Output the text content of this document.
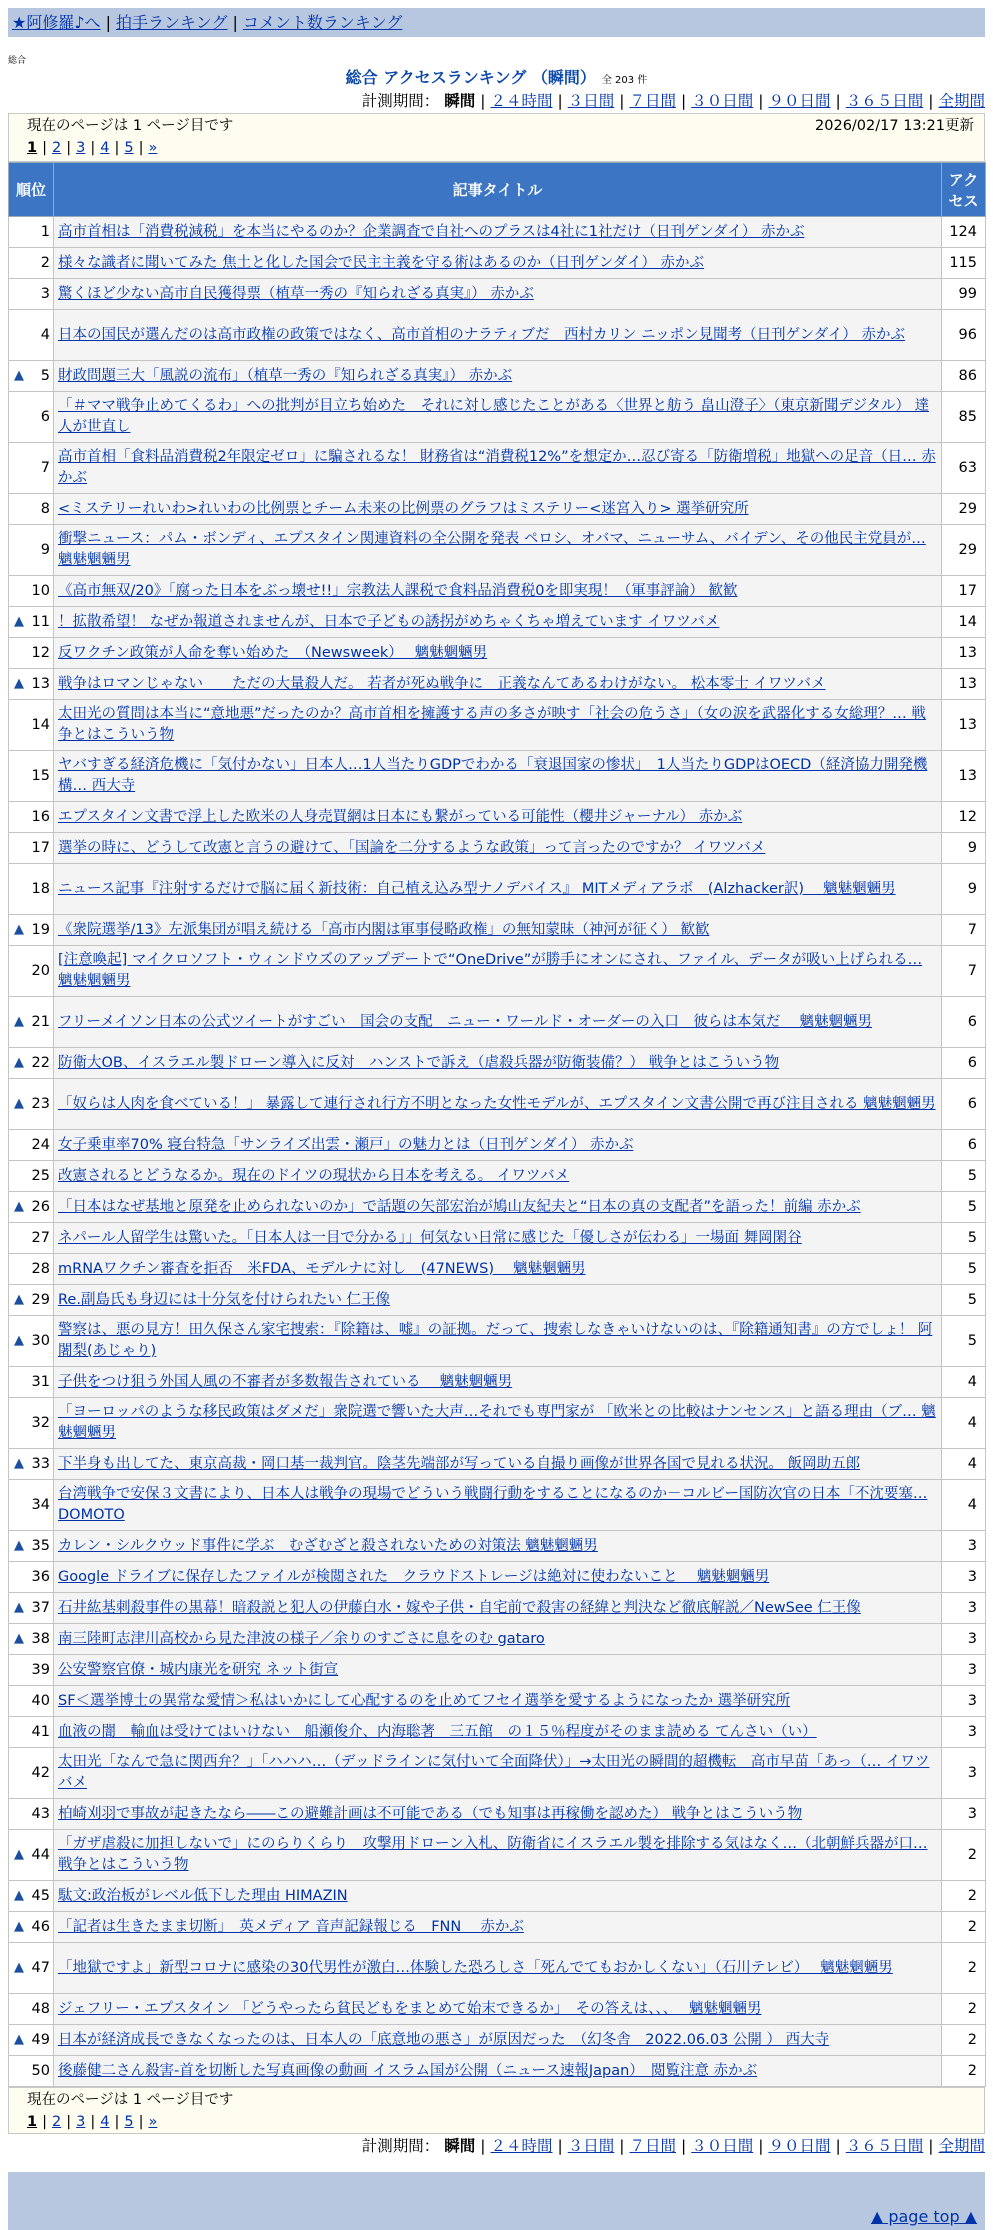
★阿修羅♪へ | 拍手ランキング | コメント数ランキング
総合
総合 アクセスランキング （瞬間） 全 203 件
計測期間： 瞬間 | ２４時間 | ３日間 | ７日間 | ３０日間 | ９０日間 | ３６５日間 | 全期間
現在のページは 1 ページ目です	2026/02/17 13:21更新
1 | 2 | 3 | 4 | 5 | »
順位	記事タイトル	アクセス
1	高市首相は「消費税減税」を本当にやるのか？企業調査で自社へのプラスは4社に1社だけ（日刊ゲンダイ） 赤かぶ	124
2	様々な識者に聞いてみた 焦土と化した国会で民主主義を守る術はあるのか（日刊ゲンダイ） 赤かぶ	115
3	驚くほど少ない高市自民獲得票（植草一秀の『知られざる真実』） 赤かぶ	99
4	日本の国民が選んだのは高市政権の政策ではなく、高市首相のナラティブだ　西村カリン ニッポン見聞考（日刊ゲンダイ） 赤かぶ	96

▲ 5	財政問題三大「風説の流布」（植草一秀の『知られざる真実』） 赤かぶ	86
6	「＃ママ戦争止めてくるわ」への批判が目立ち始めた　それに対し感じたことがある〈世界と舫う 畠山澄子〉（東京新聞デジタル） 達人が世直し	85
7	高市首相「食料品消費税2年限定ゼロ」に騙されるな！ 財務省は“消費税12%”を想定か…忍び寄る「防衛増税」地獄への足音（日… 赤かぶ	63
8	<ミステリーれいわ>れいわの比例票とチーム未来の比例票のグラフはミステリー<迷宮入り> 選挙研究所	29
9	衝撃ニュース：パム・ボンディ、エプスタイン関連資料の全公開を発表 ペロシ、オバマ、ニューサム、バイデン、その他民主党員が… 魑魅魍魎男	29
10	《高市無双/20》「腐った日本をぶっ壊せ!!」宗教法人課税で食料品消費税0を即実現！（軍事評論） 歓歓	17

▲ 11	！拡散希望！ なぜか報道されませんが、日本で子どもの誘拐がめちゃくちゃ増えています イワツバメ	14
12	反ワクチン政策が人命を奪い始めた　（Newsweek）　 魑魅魍魎男	13

▲ 13	戦争はロマンじゃない　　ただの大量殺人だ。 若者が死ぬ戦争に　正義なんてあるわけがない。 松本零士 イワツバメ	13
14	太田光の質問は本当に“意地悪”だったのか？高市首相を擁護する声の多さが映す「社会の危うさ」（女の涙を武器化する女総理？… 戦争とはこういう物	13
15	ヤバすぎる経済危機に「気付かない」日本人…1人当たりGDPでわかる「衰退国家の惨状」　1人当たりGDPはOECD（経済協力開発機構… 西大寺	13
16	エプスタイン文書で浮上した欧米の人身売買網は日本にも繋がっている可能性（櫻井ジャーナル） 赤かぶ	12
17	選挙の時に、どうして改憲と言うの避けて、「国論を二分するような政策」って言ったのですか？ イワツバメ	9
18	ニュース記事『注射するだけで脳に届く新技術：自己植え込み型ナノデバイス』 MITメディアラボ　(Alzhacker訳)　 魑魅魍魎男	9

▲ 19	《衆院選挙/13》左派集団が唱え続ける「高市内閣は軍事侵略政権」の無知蒙昧（神河が征く） 歓歓	7
20	[注意喚起] マイクロソフト・ウィンドウズのアップデートで“OneDrive”が勝手にオンにされ、ファイル、データが吸い上げられる… 魑魅魍魎男	7

▲ 21	フリーメイソン日本の公式ツイートがすごい　国会の支配　ニュー・ワールド・オーダーの入口　彼らは本気だ　 魑魅魍魎男	6

▲ 22	防衛大OB、イスラエル製ドローン導入に反対　ハンストで訴え（虐殺兵器が防衛装備？） 戦争とはこういう物	6

▲ 23	「奴らは人肉を食べている！」 暴露して連行され行方不明となった女性モデルが、エプスタイン文書公開で再び注目される 魑魅魍魎男	6
24	女子乗車率70% 寝台特急「サンライズ出雲・瀬戸」の魅力とは（日刊ゲンダイ） 赤かぶ	6
25	改憲されるとどうなるか。現在のドイツの現状から日本を考える。 イワツバメ	5

▲ 26	「日本はなぜ基地と原発を止められないのか」で話題の矢部宏治が鳩山友紀夫と“日本の真の支配者”を語った！前編 赤かぶ	5
27	ネパール人留学生は驚いた。「日本人は一目で分かる」」何気ない日常に感じた「優しさが伝わる」一場面 舞岡閑谷	5
28	mRNAワクチン審査を拒否　米FDA、モデルナに対し　(47NEWS)　 魑魅魍魎男	5

▲ 29	Re.副島氏も身辺には十分気を付けられたい 仁王像	5

▲ 30	警察は、悪の見方！田久保さん家宅捜索：『除籍は、嘘』の証拠。だって、捜索しなきゃいけないのは、『除籍通知書』の方でしょ！ 阿闍梨(あじゃり)	5
31	子供をつけ狙う外国人風の不審者が多数報告されている　 魑魅魍魎男	4
32	「ヨーロッパのような移民政策はダメだ」衆院選で響いた大声…それでも専門家が 「欧米との比較はナンセンス」と語る理由（ブ… 魑魅魍魎男	4

▲ 33	下半身も出してた、東京高裁・岡口基一裁判官。陰茎先端部が写っている自撮り画像が世界各国で見れる状況。 飯岡助五郎	4
34	台湾戦争で安保３文書により、日本人は戦争の現場でどういう戦闘行動をすることになるのか－コルビー国防次官の日本「不沈要塞… DOMOTO	4

▲ 35	カレン・シルクウッド事件に学ぶ　むざむざと殺されないための対策法 魑魅魍魎男	3
36	Google ドライブに保存したファイルが検閲された　クラウドストレージは絶対に使わないこと　 魑魅魍魎男	3

▲ 37	石井紘基刺殺事件の黒幕！暗殺説と犯人の伊藤白水・嫁や子供・自宅前で殺害の経緯と判決など徹底解説／NewSee 仁王像	3

▲ 38	南三陸町志津川高校から見た津波の様子／余りのすごさに息をのむ gataro	3
39	公安警察官僚・城内康光を研究 ネット街宣	3
40	SF＜選挙博士の異常な愛情＞私はいかにして心配するのを止めてフセイ選挙を愛するようになったか 選挙研究所	3
41	血液の闇　輸血は受けてはいけない　船瀬俊介、内海聡著　三五館　の１５％程度がそのまま読める てんさい（い）	3
42	太田光「なんで急に関西弁？」「ハハハ…（デッドラインに気付いて全面降伏）」→太田光の瞬間的超機転　高市早苗「あっ（… イワツバメ	3
43	柏崎刈羽で事故が起きたなら――この避難計画は不可能である（でも知事は再稼働を認めた） 戦争とはこういう物	3

▲ 44	「ガザ虐殺に加担しないで」にのらりくらり　攻撃用ドローン入札、防衛省にイスラエル製を排除する気はなく…（北朝鮮兵器が口… 戦争とはこういう物	2

▲ 45	駄文:政治板がレベル低下した理由 HIMAZIN	2

▲ 46	「記者は生きたまま切断」　英メディア 音声記録報じる　FNN　 赤かぶ	2

▲ 47	「地獄ですよ」新型コロナに感染の30代男性が激白…体験した恐ろしさ「死んでてもおかしくない」（石川テレビ）　 魑魅魍魎男	2
48	ジェフリー・エプスタイン 「どうやったら貧民どもをまとめて始末できるか」　その答えは、、、　 魑魅魍魎男	2

▲ 49	日本が経済成長できなくなったのは、日本人の「底意地の悪さ」が原因だった　（幻冬舎　2022.06.03 公開 ） 西大寺	2
50	後藤健二さん殺害-首を切断した写真画像の動画 イスラム国が公開（ニュース速報Japan）　閲覧注意 赤かぶ	2
現在のページは 1 ページ目です
1 | 2 | 3 | 4 | 5 | »
計測期間： 瞬間 | ２４時間 | ３日間 | ７日間 | ３０日間 | ９０日間 | ３６５日間 | 全期間
▲ page top ▲
